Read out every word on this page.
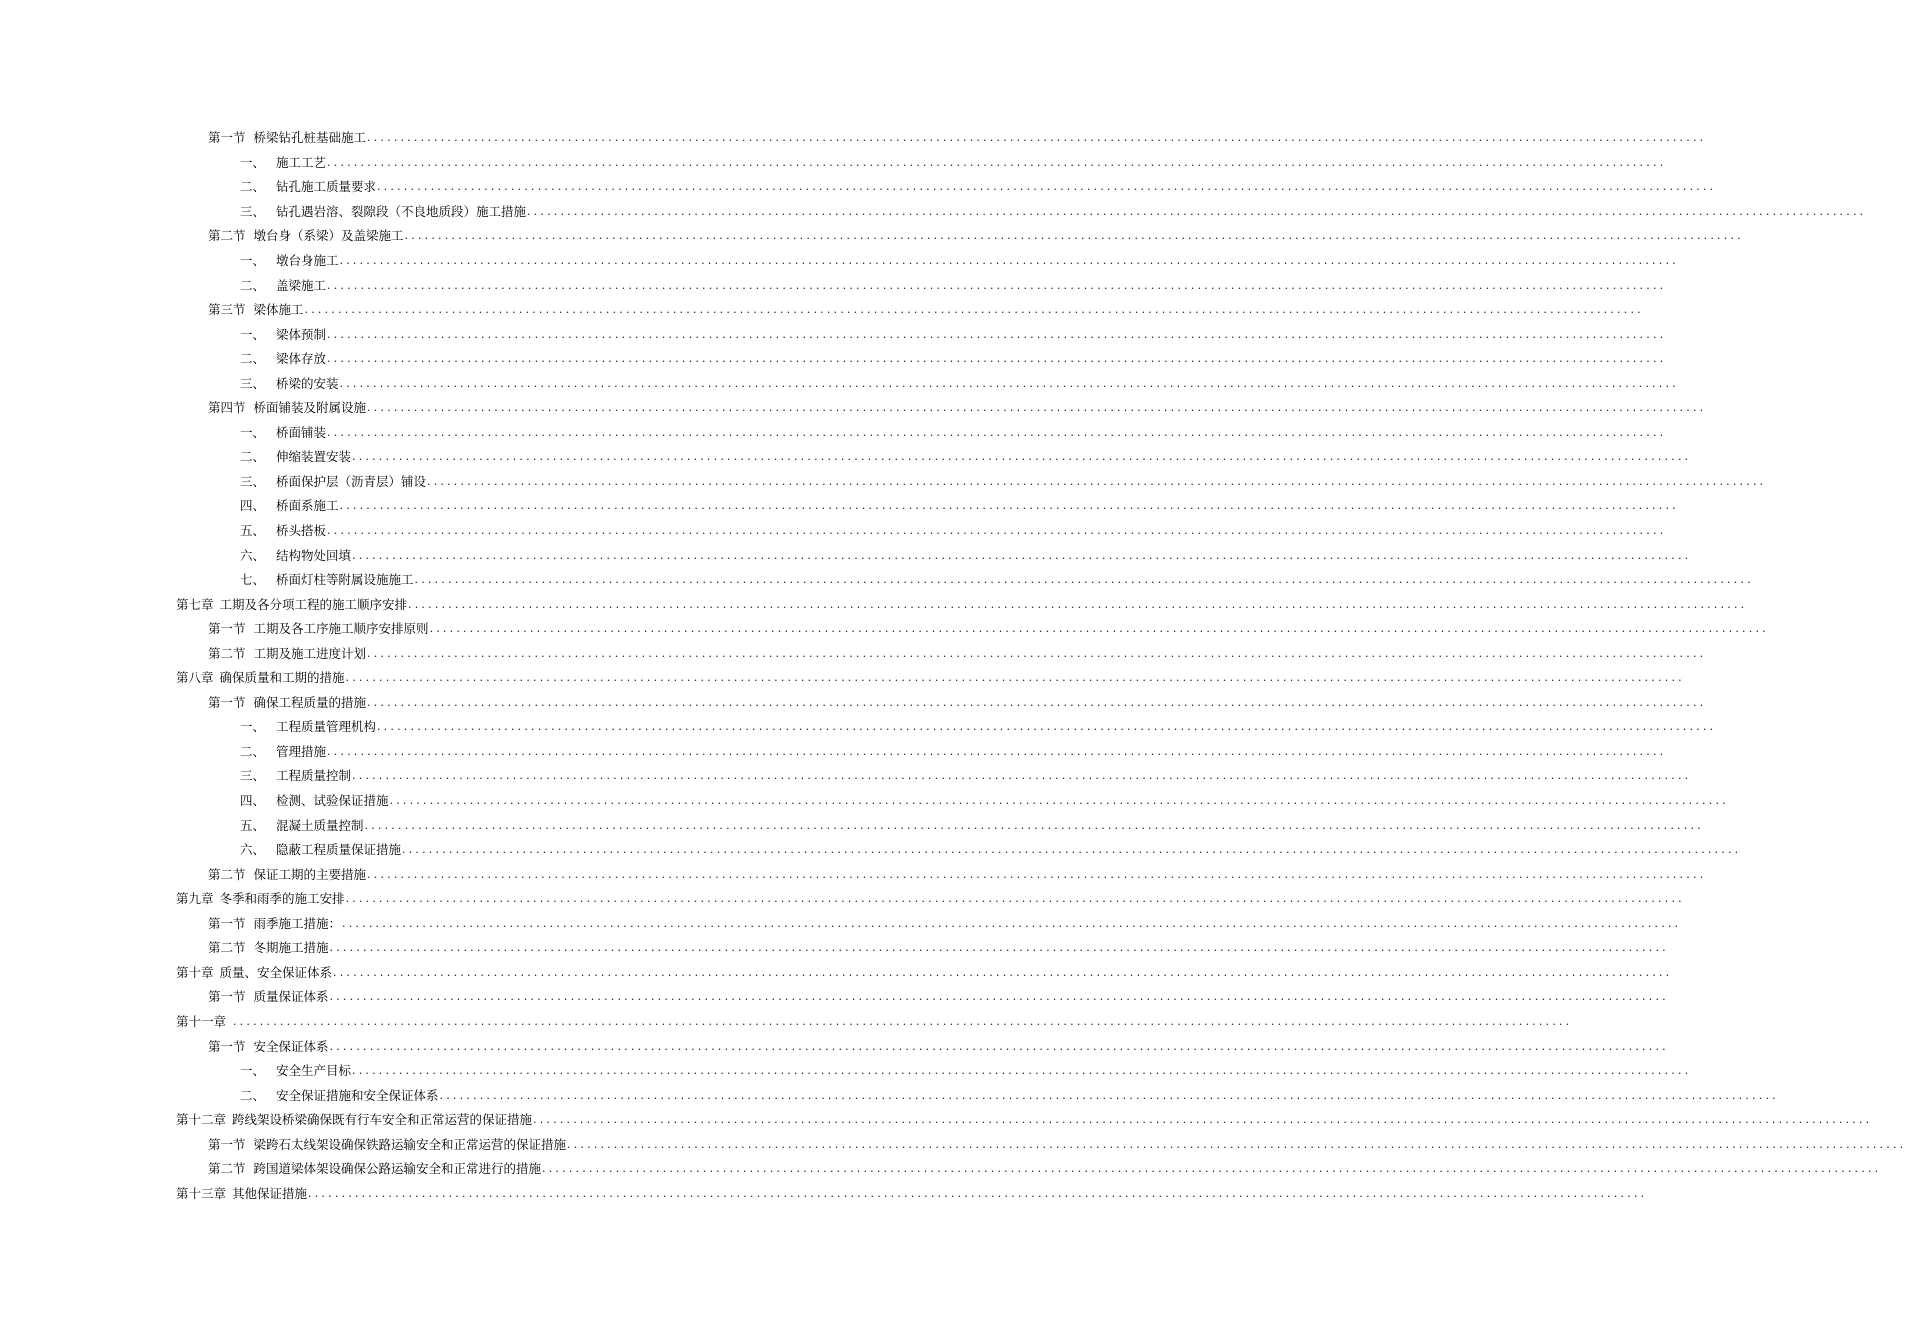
第一节 桥梁钻孔桩基础施工 ........................................................................................................................................................................................................
一、 施工工艺 ........................................................................................................................................................................................................
二、 钻孔施工质量要求 ........................................................................................................................................................................................................
三、 钻孔遇岩溶、裂隙段（不良地质段）施工措施 ........................................................................................................................................................................................................
第二节 墩台身（系梁）及盖梁施工 ........................................................................................................................................................................................................
一、 墩台身施工 ........................................................................................................................................................................................................
二、 盖梁施工 ........................................................................................................................................................................................................
第三节 梁体施工 ........................................................................................................................................................................................................
一、 梁体预制 ........................................................................................................................................................................................................
二、 梁体存放 ........................................................................................................................................................................................................
三、 桥梁的安装 ........................................................................................................................................................................................................
第四节 桥面铺装及附属设施 ........................................................................................................................................................................................................
一、 桥面铺装 ........................................................................................................................................................................................................
二、 伸缩装置安装 ........................................................................................................................................................................................................
三、 桥面保护层（沥青层）铺设 ........................................................................................................................................................................................................
四、 桥面系施工 ........................................................................................................................................................................................................
五、 桥头搭板 ........................................................................................................................................................................................................
六、 结构物处回填 ........................................................................................................................................................................................................
七、 桥面灯柱等附属设施施工 ........................................................................................................................................................................................................
第七章 工期及各分项工程的施工顺序安排 ........................................................................................................................................................................................................
第一节 工期及各工序施工顺序安排原则 ........................................................................................................................................................................................................
第二节 工期及施工进度计划 ........................................................................................................................................................................................................
第八章 确保质量和工期的措施 ........................................................................................................................................................................................................
第一节 确保工程质量的措施 ........................................................................................................................................................................................................
一、 工程质量管理机构 ........................................................................................................................................................................................................
二、 管理措施 ........................................................................................................................................................................................................
三、 工程质量控制 ........................................................................................................................................................................................................
四、 检测、试验保证措施 ........................................................................................................................................................................................................
五、 混凝土质量控制 ........................................................................................................................................................................................................
六、 隐蔽工程质量保证措施 ........................................................................................................................................................................................................
第二节 保证工期的主要措施 ........................................................................................................................................................................................................
第九章 冬季和雨季的施工安排 ........................................................................................................................................................................................................
第一节 雨季施工措施： ........................................................................................................................................................................................................
第二节 冬期施工措施 ........................................................................................................................................................................................................
第十章 质量、安全保证体系 ........................................................................................................................................................................................................
第一节 质量保证体系 ........................................................................................................................................................................................................
第十一章 ........................................................................................................................................................................................................
第一节 安全保证体系 ........................................................................................................................................................................................................
一、 安全生产目标 ........................................................................................................................................................................................................
二、 安全保证措施和安全保证体系 ........................................................................................................................................................................................................
第十二章 跨线架设桥梁确保既有行车安全和正常运营的保证措施 ........................................................................................................................................................................................................
第一节 梁跨石太线架设确保铁路运输安全和正常运营的保证措施 ........................................................................................................................................................................................................
第二节 跨国道梁体架设确保公路运输安全和正常进行的措施 ........................................................................................................................................................................................................
第十三章 其他保证措施 ........................................................................................................................................................................................................
